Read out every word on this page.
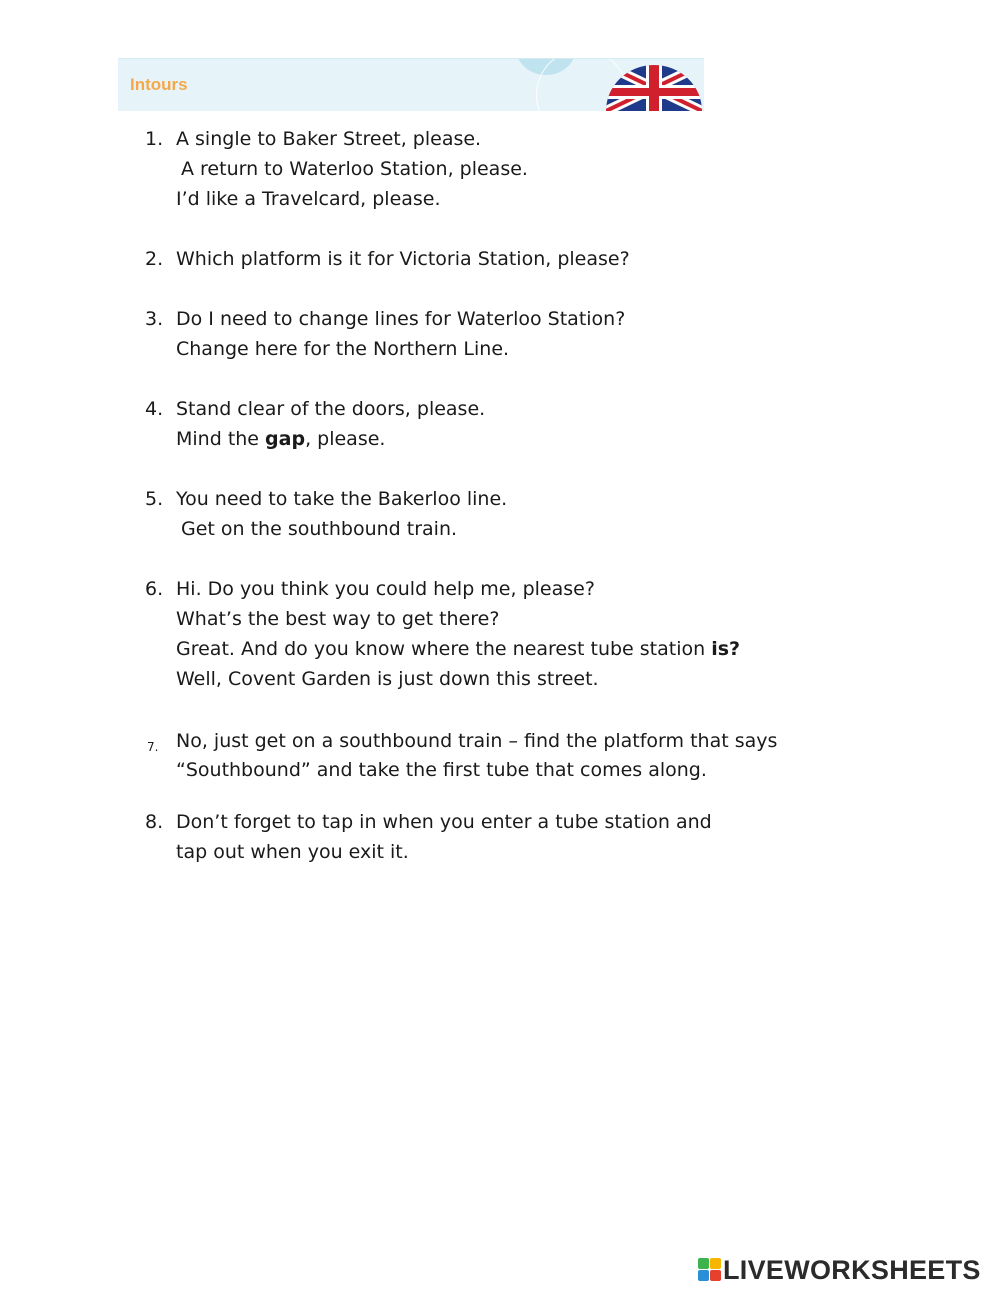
Intours
1. A single to Baker Street, please.
A return to Waterloo Station, please.
I’d like a Travelcard, please.
2. Which platform is it for Victoria Station, please?
3. Do I need to change lines for Waterloo Station?
Change here for the Northern Line.
4. Stand clear of the doors, please.
Mind the gap, please.
5. You need to take the Bakerloo line.
Get on the southbound train.
6. Hi. Do you think you could help me, please?
What’s the best way to get there?
Great. And do you know where the nearest tube station is?
Well, Covent Garden is just down this street.
7. No, just get on a southbound train – find the platform that says
“Southbound” and take the first tube that comes along.
8. Don’t forget to tap in when you enter a tube station and
tap out when you exit it.
LIVEWORKSHEETS
